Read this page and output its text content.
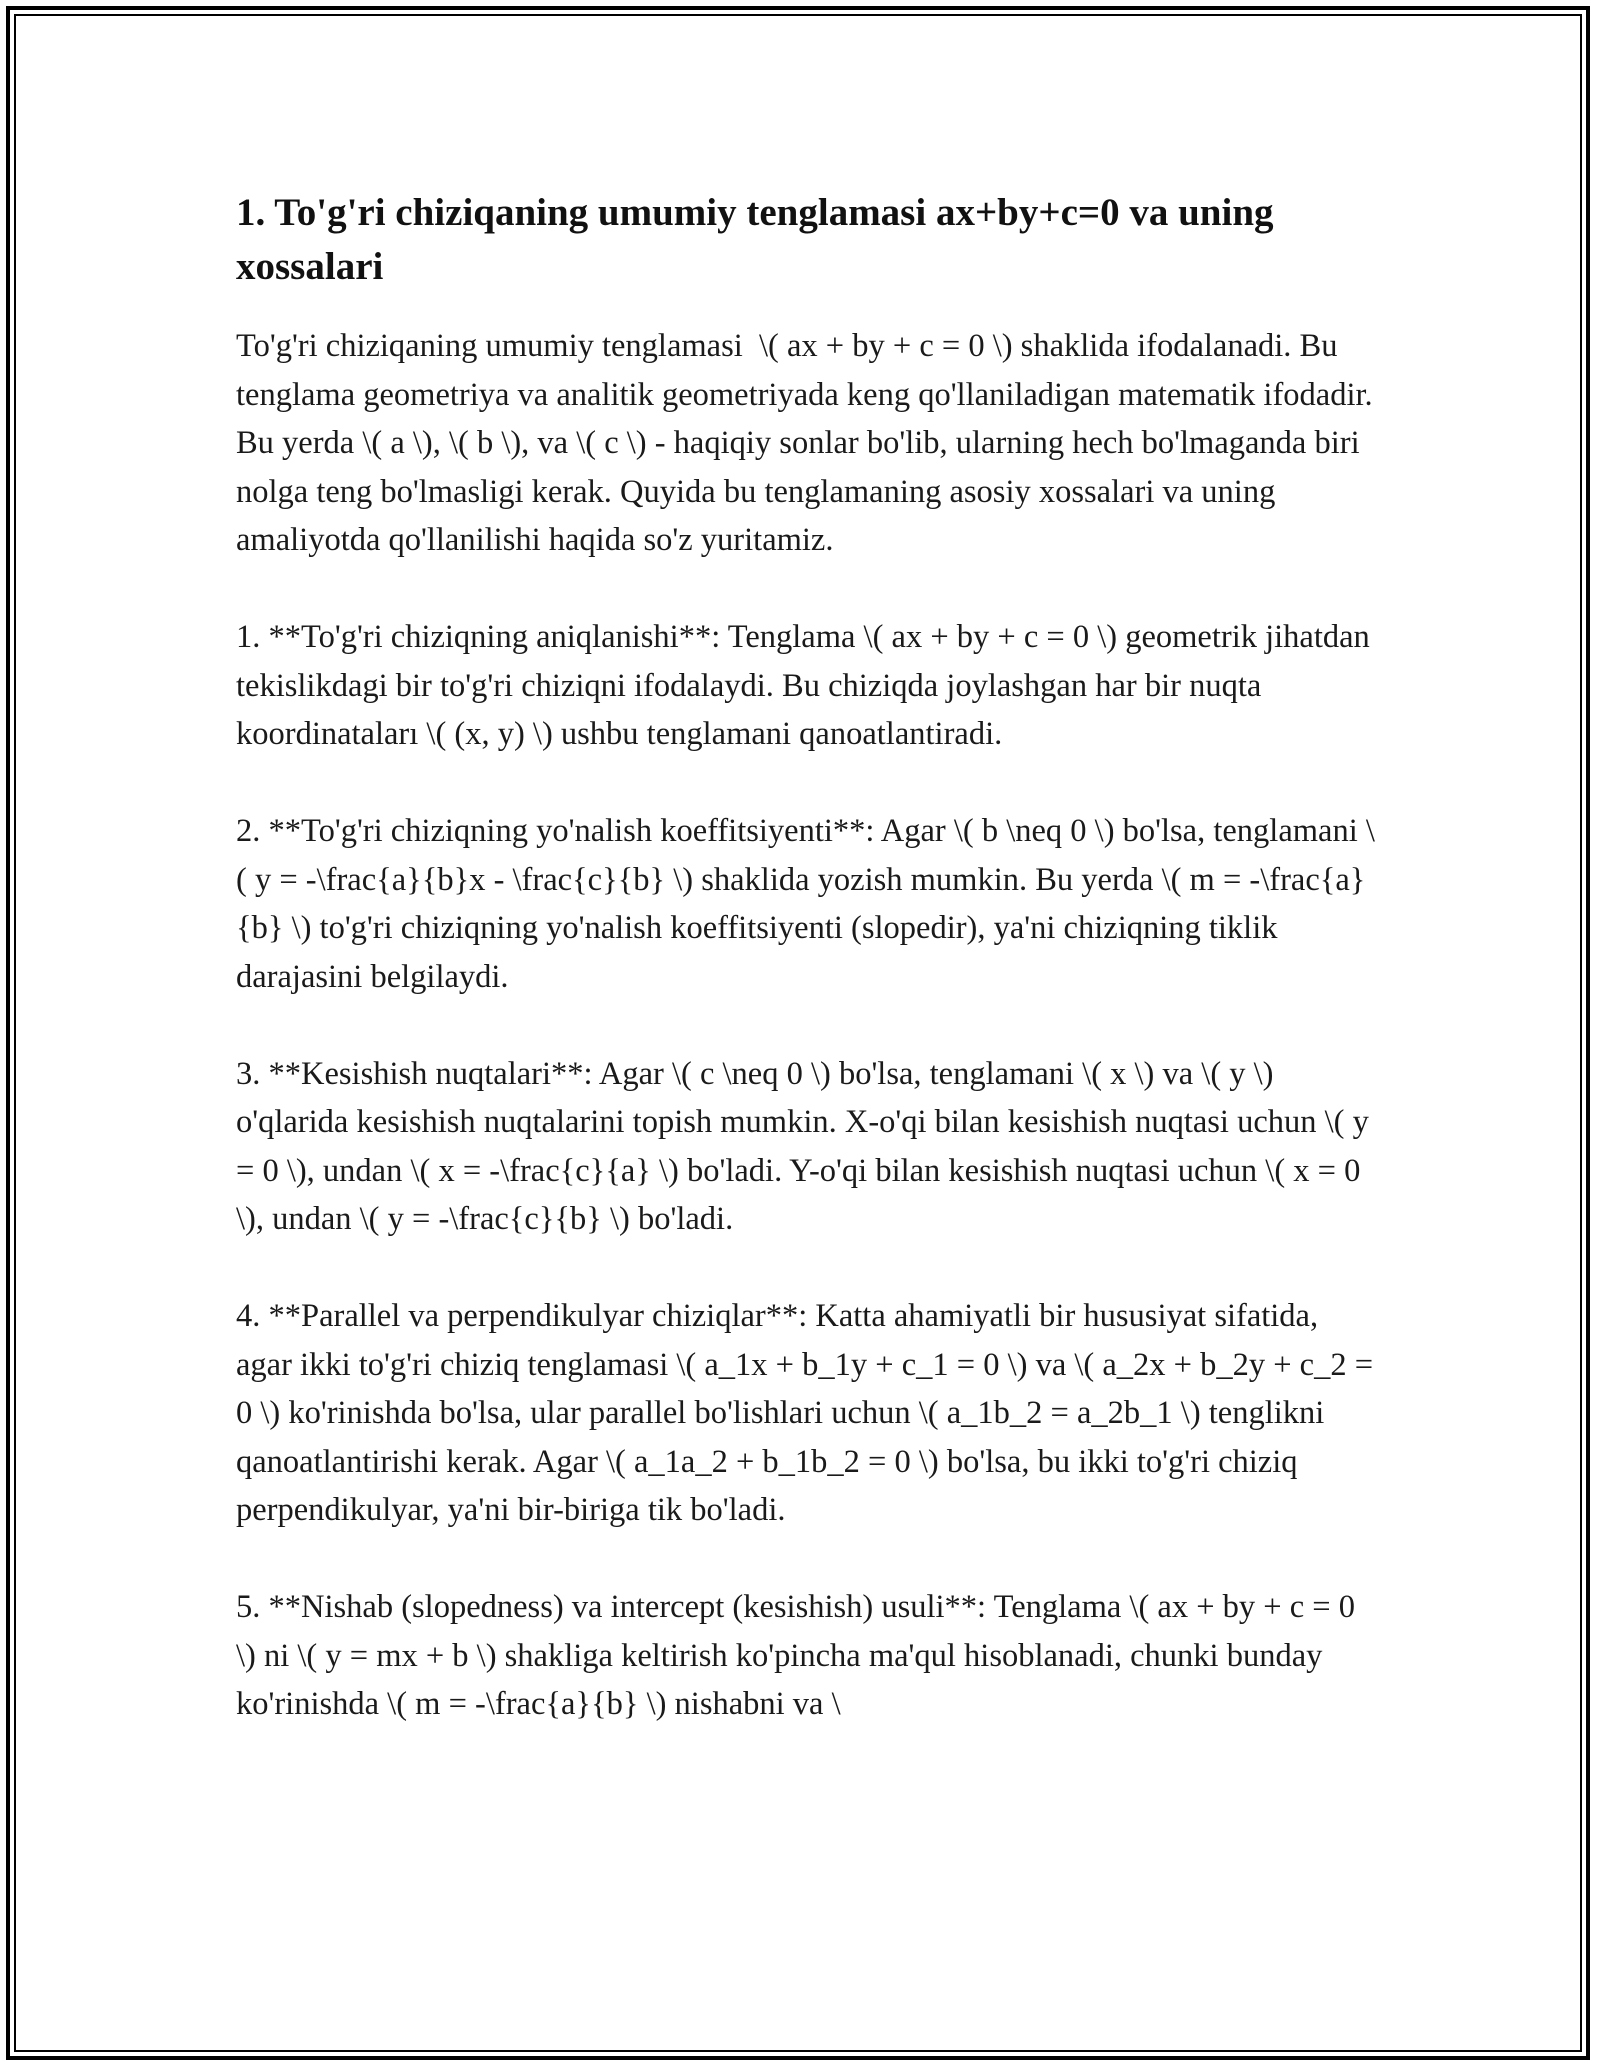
1. To'g'ri chiziqaning umumiy tenglamasi ax+by+c=0 va uning xossalari

To'g'ri chiziqaning umumiy tenglamasi  \( ax + by + c = 0 \) shaklida ifodalanadi. Bu tenglama geometriya va analitik geometriyada keng qo'llaniladigan matematik ifodadir. Bu yerda \( a \), \( b \), va \( c \) - haqiqiy sonlar bo'lib, ularning hech bo'lmaganda biri nolga teng bo'lmasligi kerak. Quyida bu tenglamaning asosiy xossalari va uning amaliyotda qo'llanilishi haqida so'z yuritamiz.

1. **To'g'ri chiziqning aniqlanishi**: Tenglama \( ax + by + c = 0 \) geometrik jihatdan tekislikdagi bir to'g'ri chiziqni ifodalaydi. Bu chiziqda joylashgan har bir nuqta koordinataları \( (x, y) \) ushbu tenglamani qanoatlantiradi.

2. **To'g'ri chiziqning yo'nalish koeffitsiyenti**: Agar \( b \neq 0 \) bo'lsa, tenglamani \( y = -\frac{a}{b}x - \frac{c}{b} \) shaklida yozish mumkin. Bu yerda \( m = -\frac{a}{b} \) to'g'ri chiziqning yo'nalish koeffitsiyenti (slopedir), ya'ni chiziqning tiklik darajasini belgilaydi.

3. **Kesishish nuqtalari**: Agar \( c \neq 0 \) bo'lsa, tenglamani \( x \) va \( y \) o'qlarida kesishish nuqtalarini topish mumkin. X-o'qi bilan kesishish nuqtasi uchun \( y = 0 \), undan \( x = -\frac{c}{a} \) bo'ladi. Y-o'qi bilan kesishish nuqtasi uchun \( x = 0 \), undan \( y = -\frac{c}{b} \) bo'ladi.

4. **Parallel va perpendikulyar chiziqlar**: Katta ahamiyatli bir hususiyat sifatida, agar ikki to'g'ri chiziq tenglamasi \( a_1x + b_1y + c_1 = 0 \) va \( a_2x + b_2y + c_2 = 0 \) ko'rinishda bo'lsa, ular parallel bo'lishlari uchun \( a_1b_2 = a_2b_1 \) tenglikni qanoatlantirishi kerak. Agar \( a_1a_2 + b_1b_2 = 0 \) bo'lsa, bu ikki to'g'ri chiziq perpendikulyar, ya'ni bir-biriga tik bo'ladi.

5. **Nishab (slopedness) va intercept (kesishish) usuli**: Tenglama \( ax + by + c = 0 \) ni \( y = mx + b \) shakliga keltirish ko'pincha ma'qul hisoblanadi, chunki bunday ko'rinishda \( m = -\frac{a}{b} \) nishabni va \
